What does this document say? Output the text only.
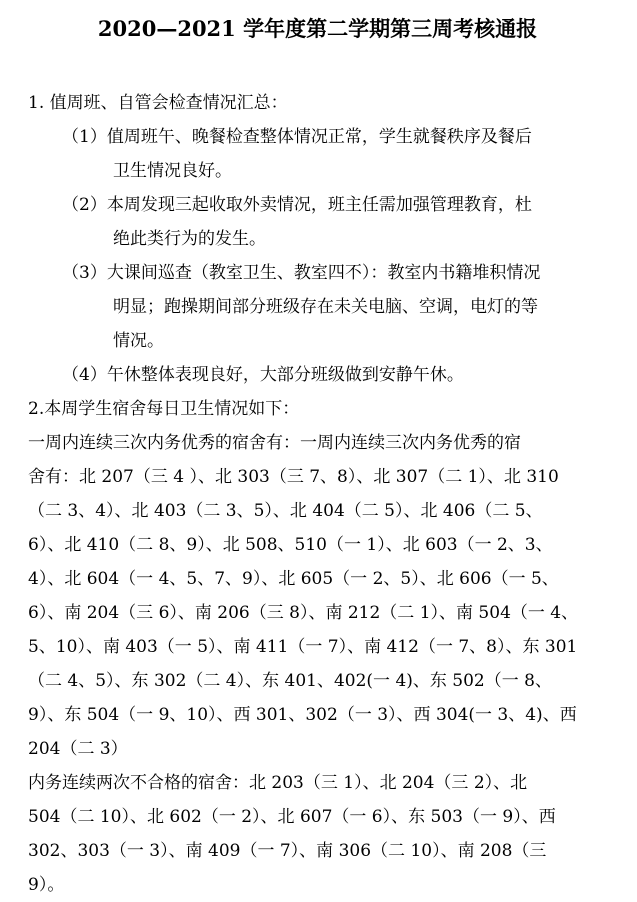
2020—2021 学年度第二学期第三周考核通报
1. 值周班、自管会检查情况汇总：
（1）值周班午、晚餐检查整体情况正常，学生就餐秩序及餐后
卫生情况良好。
（2）本周发现三起收取外卖情况，班主任需加强管理教育，杜
绝此类行为的发生。
（3）大课间巡查（教室卫生、教室四不）：教室内书籍堆积情况
明显；跑操期间部分班级存在未关电脑、空调，电灯的等
情况。
（4）午休整体表现良好，大部分班级做到安静午休。
2.本周学生宿舍每日卫生情况如下：
一周内连续三次内务优秀的宿舍有：一周内连续三次内务优秀的宿
舍有：北 207（三 4 ）、北 303（三 7、8）、北 307（二 1）、北 310
（二 3、4）、北 403（二 3、5）、北 404（二 5）、北 406（二 5、
6）、北 410（二 8、9）、北 508、510（一 1）、北 603（一 2、3、
4）、北 604（一 4、5、7、9）、北 605（一 2、5）、北 606（一 5、
6）、南 204（三 6）、南 206（三 8）、南 212（二 1）、南 504（一 4、
5、10）、南 403（一 5）、南 411（一 7）、南 412（一 7、8）、东 301
（二 4、5）、东 302（二 4）、东 401、402(一 4)、东 502（一 8、
9）、东 504（一 9、10）、西 301、302（一 3）、西 304(一 3、4)、西
204（二 3）
内务连续两次不合格的宿舍：北 203（三 1）、北 204（三 2）、北
504（二 10）、北 602（一 2）、北 607（一 6）、东 503（一 9）、西
302、303（一 3）、南 409（一 7）、南 306（二 10）、南 208（三
9）。
